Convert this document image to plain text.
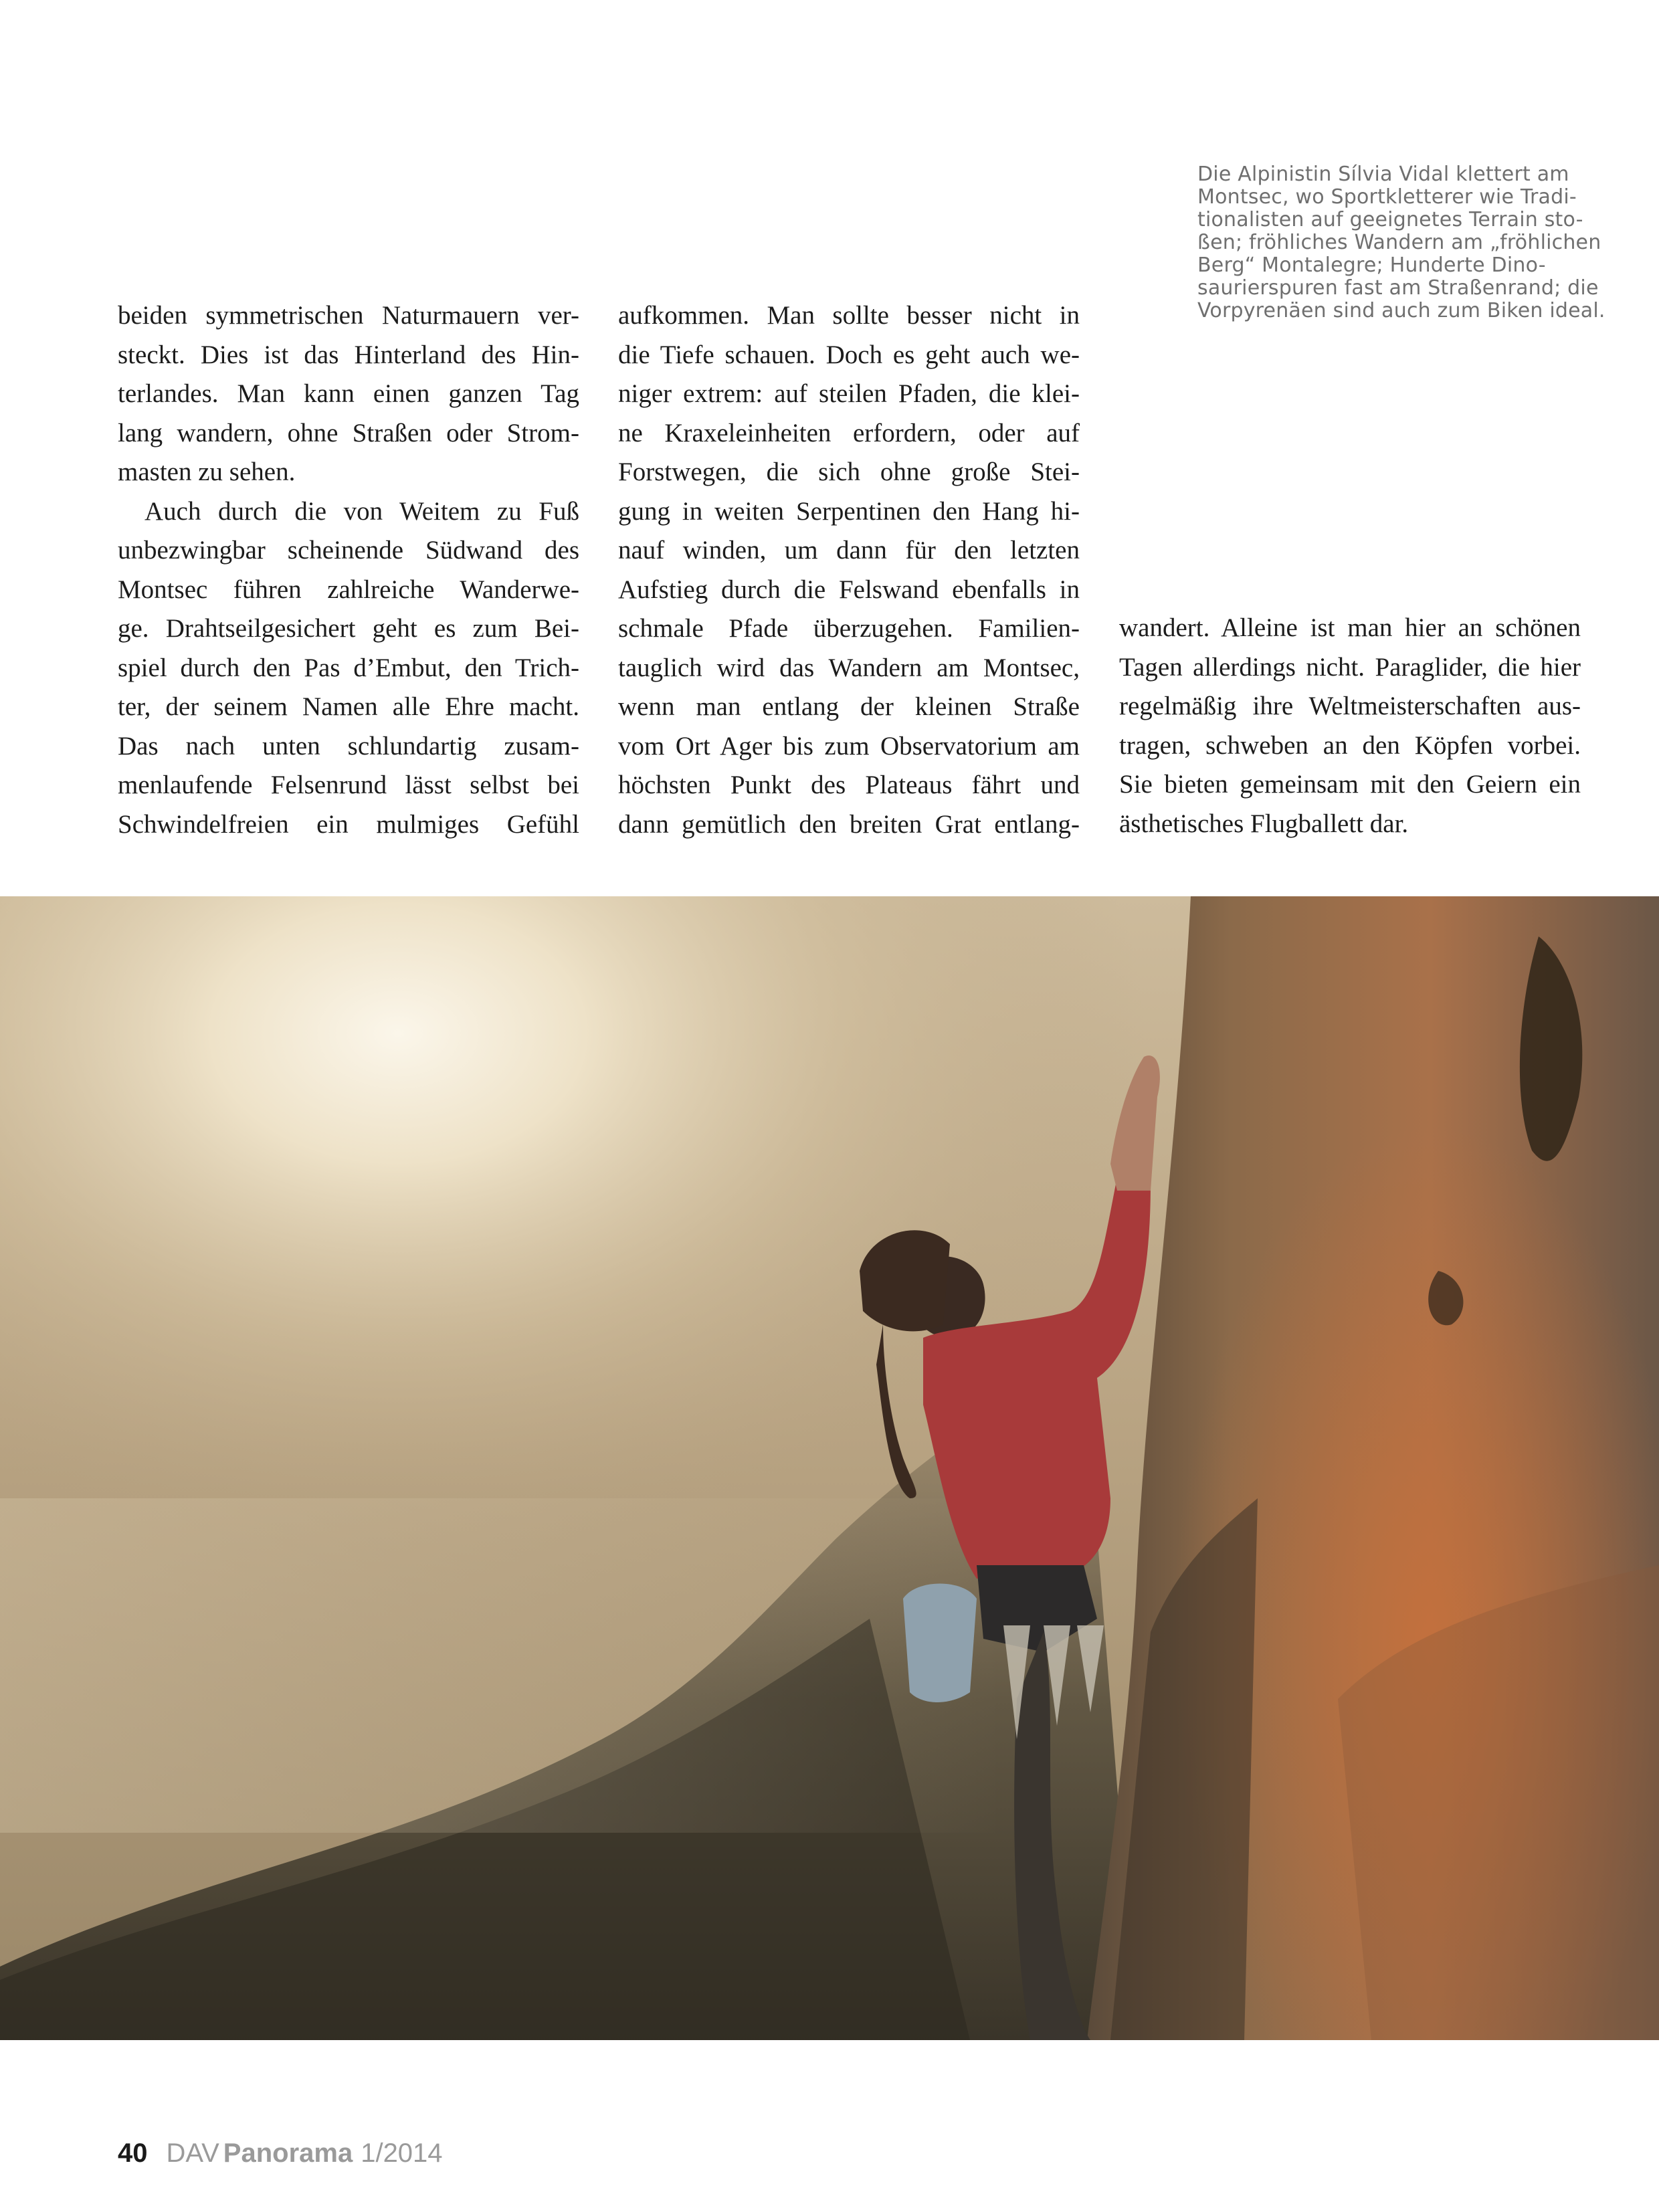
Die Alpinistin Sílvia Vidal klettert am
Montsec, wo Sportkletterer wie Tradi-
tionalisten auf geeignetes Terrain sto-
ßen; fröhliches Wandern am „fröhlichen
Berg“ Montalegre; Hunderte Dino-
saurierspuren fast am Straßenrand; die
Vorpyrenäen sind auch zum Biken ideal.
beiden symmetrischen Naturmauern ver-
steckt. Dies ist das Hinterland des Hin-
terlandes. Man kann einen ganzen Tag
lang wandern, ohne Straßen oder Strom-
masten zu sehen.
Auch durch die von Weitem zu Fuß
unbezwingbar scheinende Südwand des
Montsec führen zahlreiche Wanderwe-
ge. Drahtseilgesichert geht es zum Bei-
spiel durch den Pas d’Embut, den Trich-
ter, der seinem Namen alle Ehre macht.
Das nach unten schlundartig zusam-
menlaufende Felsenrund lässt selbst bei
Schwindelfreien ein mulmiges Gefühl
aufkommen. Man sollte besser nicht in
die Tiefe schauen. Doch es geht auch we-
niger extrem: auf steilen Pfaden, die klei-
ne Kraxeleinheiten erfordern, oder auf
Forstwegen, die sich ohne große Stei-
gung in weiten Serpentinen den Hang hi-
nauf winden, um dann für den letzten
Aufstieg durch die Felswand ebenfalls in
schmale Pfade überzugehen. Familien-
tauglich wird das Wandern am Montsec,
wenn man entlang der kleinen Straße
vom Ort Ager bis zum Observatorium am
höchsten Punkt des Plateaus fährt und
dann gemütlich den breiten Grat entlang-
wandert. Alleine ist man hier an schönen
Tagen allerdings nicht. Paraglider, die hier
regelmäßig ihre Weltmeisterschaften aus-
tragen, schweben an den Köpfen vorbei.
Sie bieten gemeinsam mit den Geiern ein
ästhetisches Flugballett dar.
40 DAV Panorama 1/2014
